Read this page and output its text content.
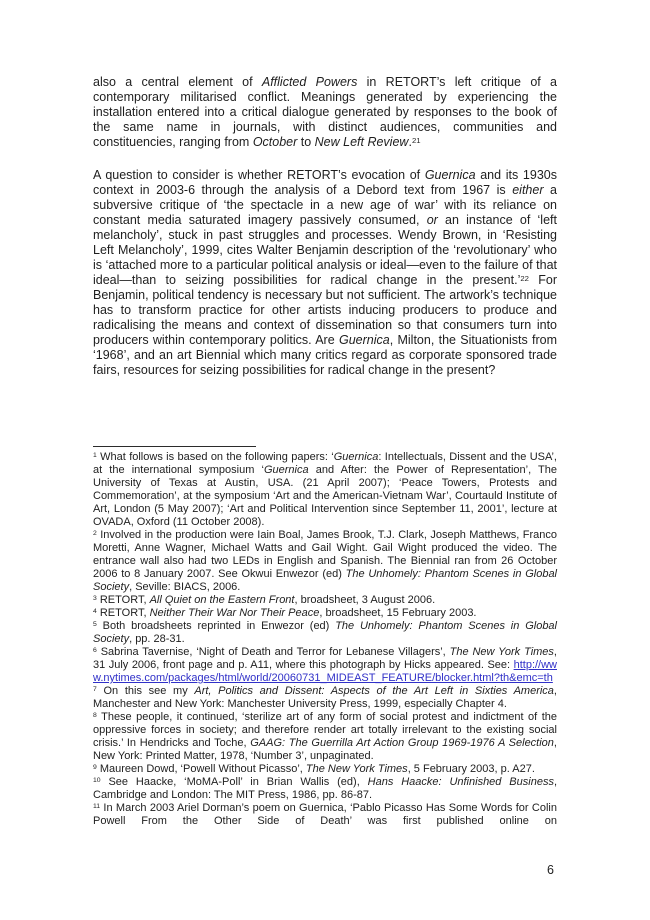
also a central element of Afflicted Powers in RETORT’s left critique of a contemporary militarised conflict. Meanings generated by experiencing the installation entered into a critical dialogue generated by responses to the book of the same name in journals, with distinct audiences, communities and constituencies, ranging from October to New Left Review.$^{21}$

A question to consider is whether RETORT’s evocation of Guernica and its 1930s context in 2003-6 through the analysis of a Debord text from 1967 is either a subversive critique of ‘the spectacle in a new age of war’ with its reliance on constant media saturated imagery passively consumed, or an instance of ‘left melancholy’, stuck in past struggles and processes. Wendy Brown, in ‘Resisting Left Melancholy’, 1999, cites Walter Benjamin description of the ‘revolutionary’ who is ‘attached more to a particular political analysis or ideal—even to the failure of that ideal—than to seizing possibilities for radical change in the present.’$^{22}$ For Benjamin, political tendency is necessary but not sufficient. The artwork’s technique has to transform practice for other artists inducing producers to produce and radicalising the means and context of dissemination so that consumers turn into producers within contemporary politics. Are Guernica, Milton, the Situationists from ‘1968’, and an art Biennial which many critics regard as corporate sponsored trade fairs, resources for seizing possibilities for radical change in the present?

$^1$ What follows is based on the following papers: ‘Guernica: Intellectuals, Dissent and the USA’, at the international symposium ‘Guernica and After: the Power of Representation’, The University of Texas at Austin, USA. (21 April 2007); ‘Peace Towers, Protests and Commemoration’, at the symposium ‘Art and the American-Vietnam War’, Courtauld Institute of Art, London (5 May 2007); ‘Art and Political Intervention since September 11, 2001’, lecture at OVADA, Oxford (11 October 2008).

$^2$ Involved in the production were Iain Boal, James Brook, T.J. Clark, Joseph Matthews, Franco Moretti, Anne Wagner, Michael Watts and Gail Wight. Gail Wight produced the video. The entrance wall also had two LEDs in English and Spanish. The Biennial ran from 26 October 2006 to 8 January 2007. See Okwui Enwezor (ed) The Unhomely: Phantom Scenes in Global Society, Seville: BIACS, 2006.

$^3$ RETORT, All Quiet on the Eastern Front, broadsheet, 3 August 2006.

$^4$ RETORT, Neither Their War Nor Their Peace, broadsheet, 15 February 2003.

$^5$ Both broadsheets reprinted in Enwezor (ed) The Unhomely: Phantom Scenes in Global Society, pp. 28-31.

$^6$ Sabrina Tavernise, ‘Night of Death and Terror for Lebanese Villagers’, The New York Times, 31 July 2006, front page and p. A11, where this photograph by Hicks appeared. See: http://www.nytimes.com/packages/html/world/20060731_MIDEAST_FEATURE/blocker.html?th&emc=th

$^7$ On this see my Art, Politics and Dissent: Aspects of the Art Left in Sixties America, Manchester and New York: Manchester University Press, 1999, especially Chapter 4.

$^8$ These people, it continued, ‘sterilize art of any form of social protest and indictment of the oppressive forces in society; and therefore render art totally irrelevant to the existing social crisis.’ In Hendricks and Toche, GAAG: The Guerrilla Art Action Group 1969-1976 A Selection, New York: Printed Matter, 1978, ‘Number 3’, unpaginated.

$^9$ Maureen Dowd, ‘Powell Without Picasso’, The New York Times, 5 February 2003, p. A27.

$^{10}$ See Haacke, ‘MoMA-Poll’ in Brian Wallis (ed), Hans Haacke: Unfinished Business, Cambridge and London: The MIT Press, 1986, pp. 86-87.

$^{11}$ In March 2003 Ariel Dorman’s poem on Guernica, ‘Pablo Picasso Has Some Words for Colin Powell From the Other Side of Death’ was first published online on

6
